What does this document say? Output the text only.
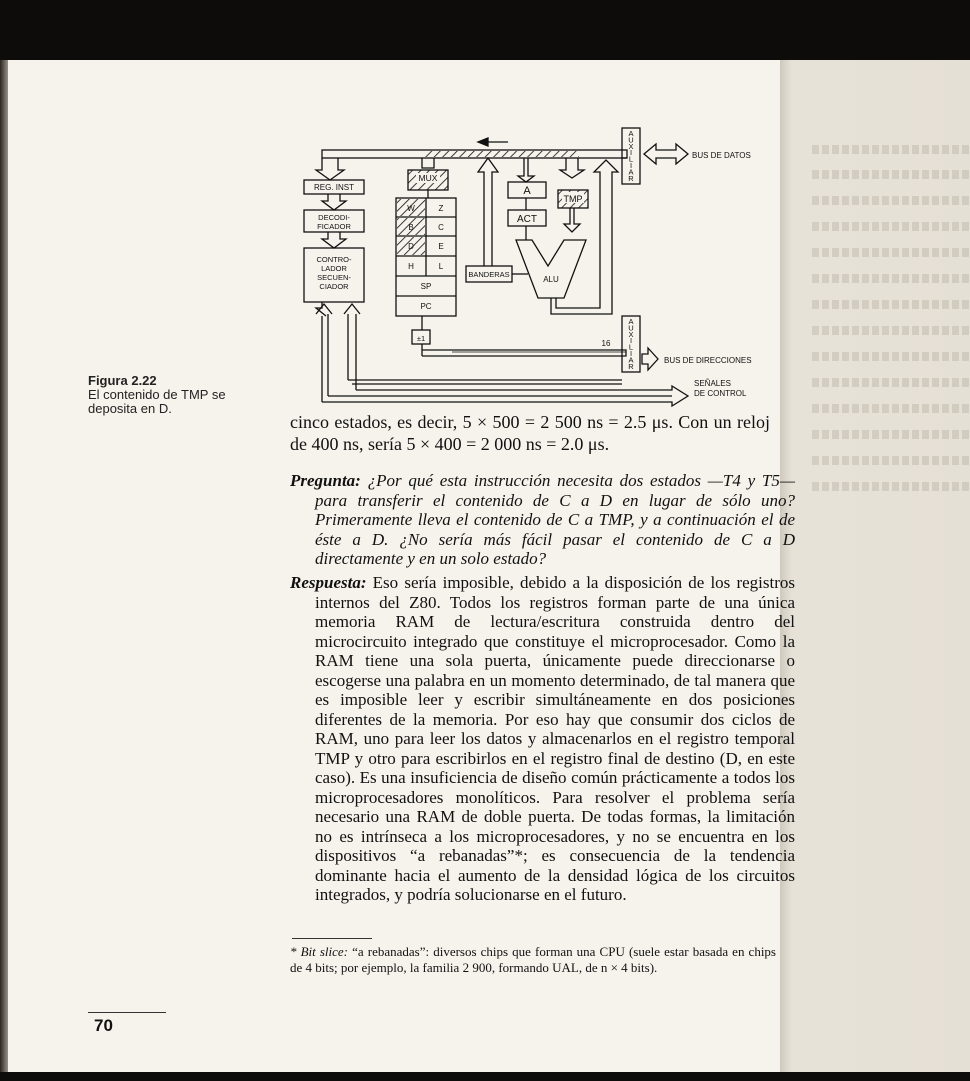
REG. INST
DECODI-
FICADOR
CONTRO-
LADOR
SECUEN-
CIADOR
MUX
W	Z
B	C
D	E
H	L
SP
PC
±1
16
A
ACT
TMP
BANDERAS
ALU
A U X I L I A R
A U X I L I A R
BUS DE DATOS
BUS DE DIRECCIONES
SEÑALES
DE CONTROL
Figura 2.22
El contenido de TMP se deposita en D.

cinco estados, es decir, 5 × 500 = 2 500 ns = 2.5 μs. Con un reloj de 400 ns, sería 5 × 400 = 2 000 ns = 2.0 μs.

Pregunta: ¿Por qué esta instrucción necesita dos estados —T4 y T5— para transferir el contenido de C a D en lugar de sólo uno? Primeramente lleva el contenido de C a TMP, y a continuación el de éste a D. ¿No sería más fácil pasar el contenido de C a D directamente y en un solo estado?

Respuesta: Eso sería imposible, debido a la disposición de los registros internos del Z80. Todos los registros forman parte de una única memoria RAM de lectura/escritura construida dentro del microcircuito integrado que constituye el microprocesador. Como la RAM tiene una sola puerta, únicamente puede direccionarse o escogerse una palabra en un momento determinado, de tal manera que es imposible leer y escribir simultáneamente en dos posiciones diferentes de la memoria. Por eso hay que consumir dos ciclos de RAM, uno para leer los datos y almacenarlos en el registro temporal TMP y otro para escribirlos en el registro final de destino (D, en este caso). Es una insuficiencia de diseño común prácticamente a todos los microprocesadores monolíticos. Para resolver el problema sería necesario una RAM de doble puerta. De todas formas, la limitación no es intrínseca a los microprocesadores, y no se encuentra en los dispositivos “a rebanadas”*; es consecuencia de la tendencia dominante hacia el aumento de la densidad lógica de los circuitos integrados, y podría solucionarse en el futuro.

* Bit slice: “a rebanadas”: diversos chips que forman una CPU (suele estar basada en chips de 4 bits; por ejemplo, la familia 2 900, formando UAL, de n × 4 bits).
70
